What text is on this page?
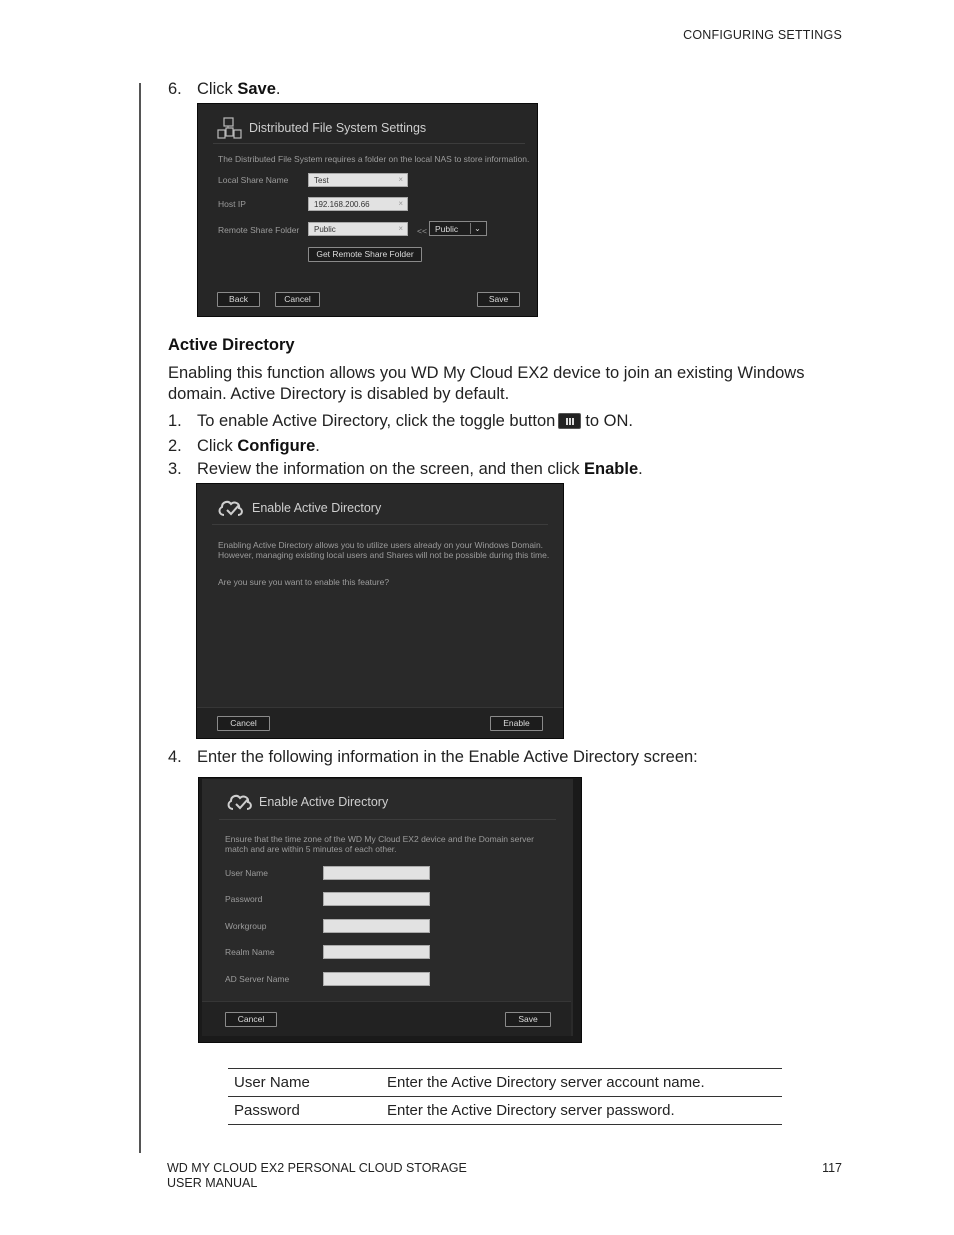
CONFIGURING SETTINGS
6. Click Save.
Distributed File System Settings
The Distributed File System requires a folder on the local NAS to store information.
Local Share Name	Test	×
Host IP	192.168.200.66	×
Remote Share Folder	Public	× << Public	⌄
Get Remote Share Folder
Back	Cancel	Save
Active Directory
Enabling this function allows you WD My Cloud EX2 device to join an existing Windows domain. Active Directory is disabled by default.
1. To enable Active Directory, click the toggle button to ON.
2. Click Configure.
3. Review the information on the screen, and then click Enable.
Enable Active Directory
Enabling Active Directory allows you to utilize users already on your Windows Domain.
However, managing existing local users and Shares will not be possible during this time.
Are you sure you want to enable this feature?
Cancel	Enable
4. Enter the following information in the Enable Active Directory screen:
Enable Active Directory
Ensure that the time zone of the WD My Cloud EX2 device and the Domain server
match and are within 5 minutes of each other.
User Name
Password
Workgroup
Realm Name
AD Server Name
Cancel	Save
User Name	Enter the Active Directory server account name.
Password	Enter the Active Directory server password.
WD MY CLOUD EX2 PERSONAL CLOUD STORAGE
USER MANUAL
117
